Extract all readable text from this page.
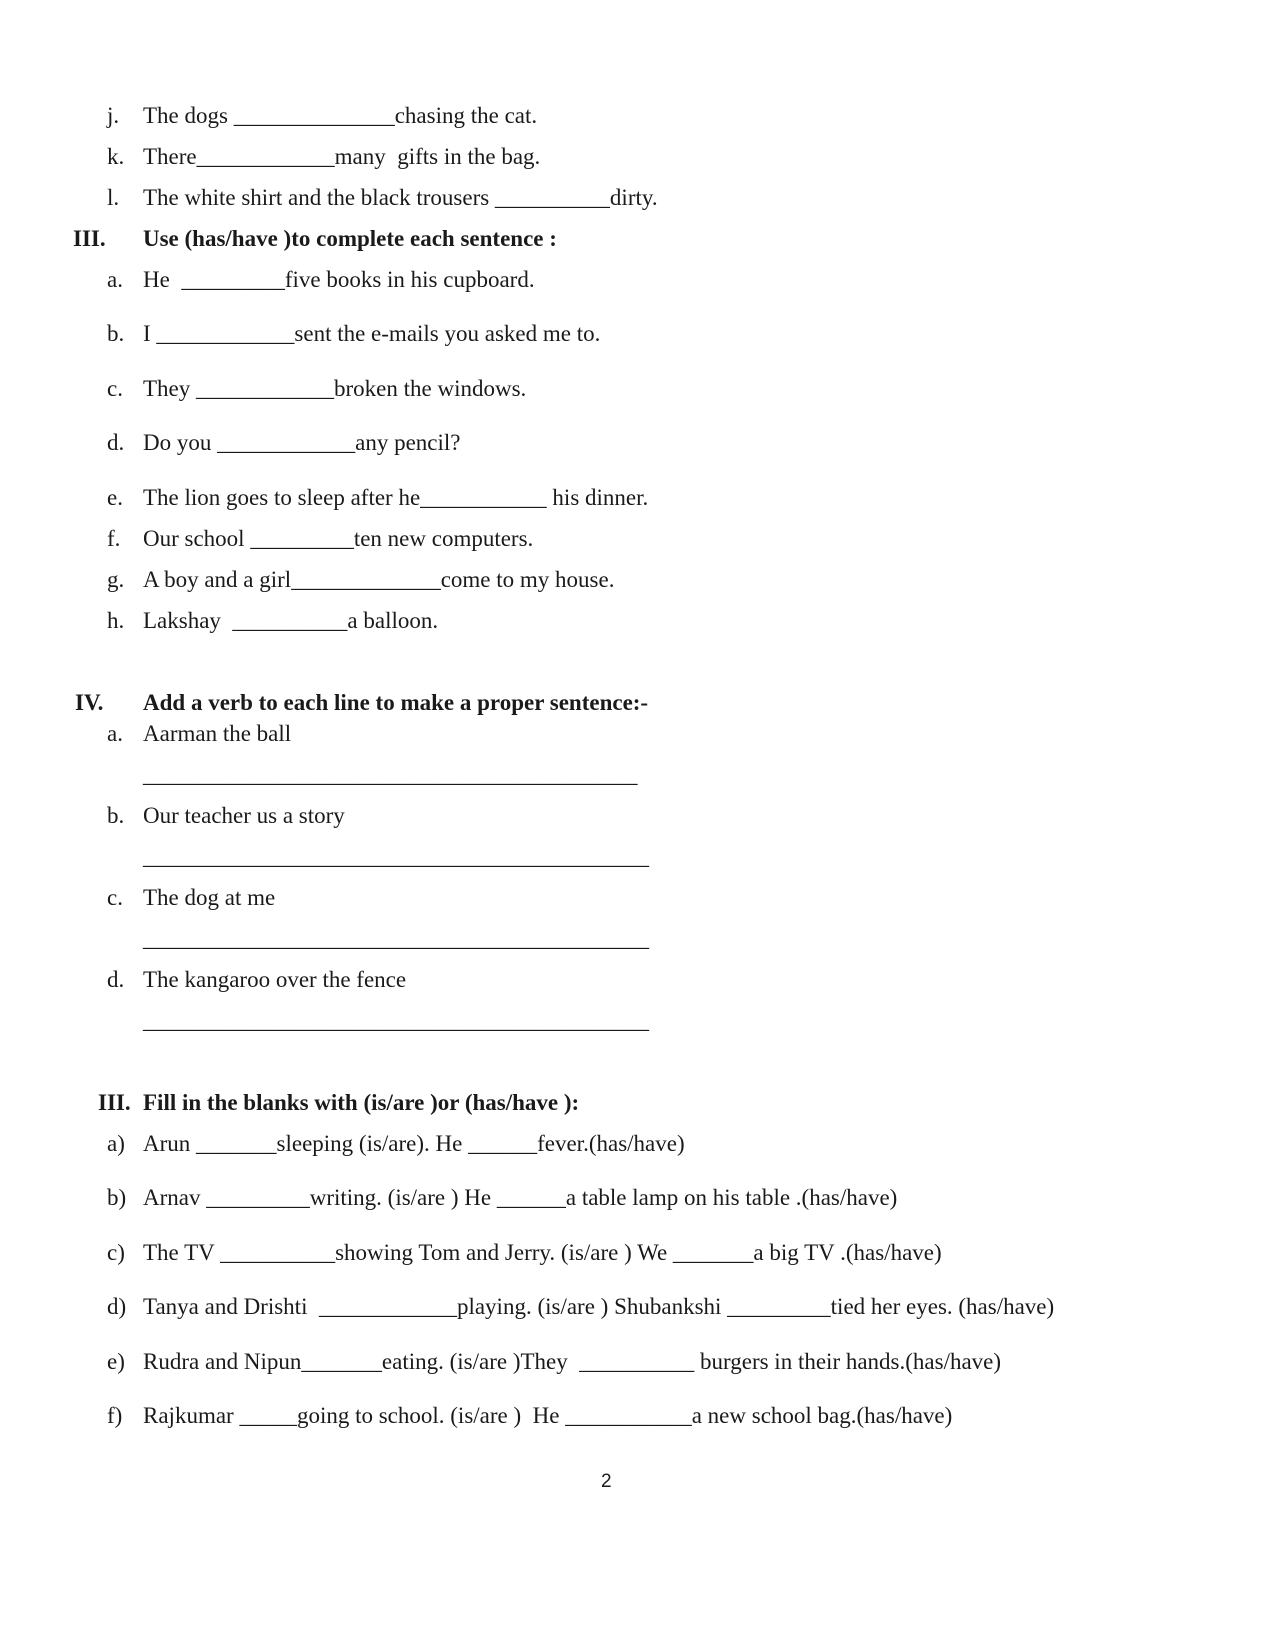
j. The dogs ______________chasing the cat.
k. There____________many  gifts in the bag.
l. The white shirt and the black trousers __________dirty.
III. Use (has/have )to complete each sentence :
a. He  _________five books in his cupboard.
b. I ____________sent the e-mails you asked me to.
c. They ____________broken the windows.
d. Do you ____________any pencil?
e. The lion goes to sleep after he___________ his dinner.
f. Our school _________ten new computers.
g. A boy and a girl_____________come to my house.
h. Lakshay  __________a balloon.
IV. Add a verb to each line to make a proper sentence:-
a. Aarman the ball
___________________________________________
b. Our teacher us a story
____________________________________________
c. The dog at me
____________________________________________
d. The kangaroo over the fence
____________________________________________
III. Fill in the blanks with (is/are )or (has/have ):
a) Arun _______sleeping (is/are). He ______fever.(has/have)
b) Arnav _________writing. (is/are ) He ______a table lamp on his table .(has/have)
c) The TV __________showing Tom and Jerry. (is/are ) We _______a big TV .(has/have)
d) Tanya and Drishti  ____________playing. (is/are ) Shubankshi _________tied her eyes. (has/have)
e) Rudra and Nipun_______eating. (is/are )They  __________ burgers in their hands.(has/have)
f) Rajkumar _____going to school. (is/are )  He ___________a new school bag.(has/have)
2
